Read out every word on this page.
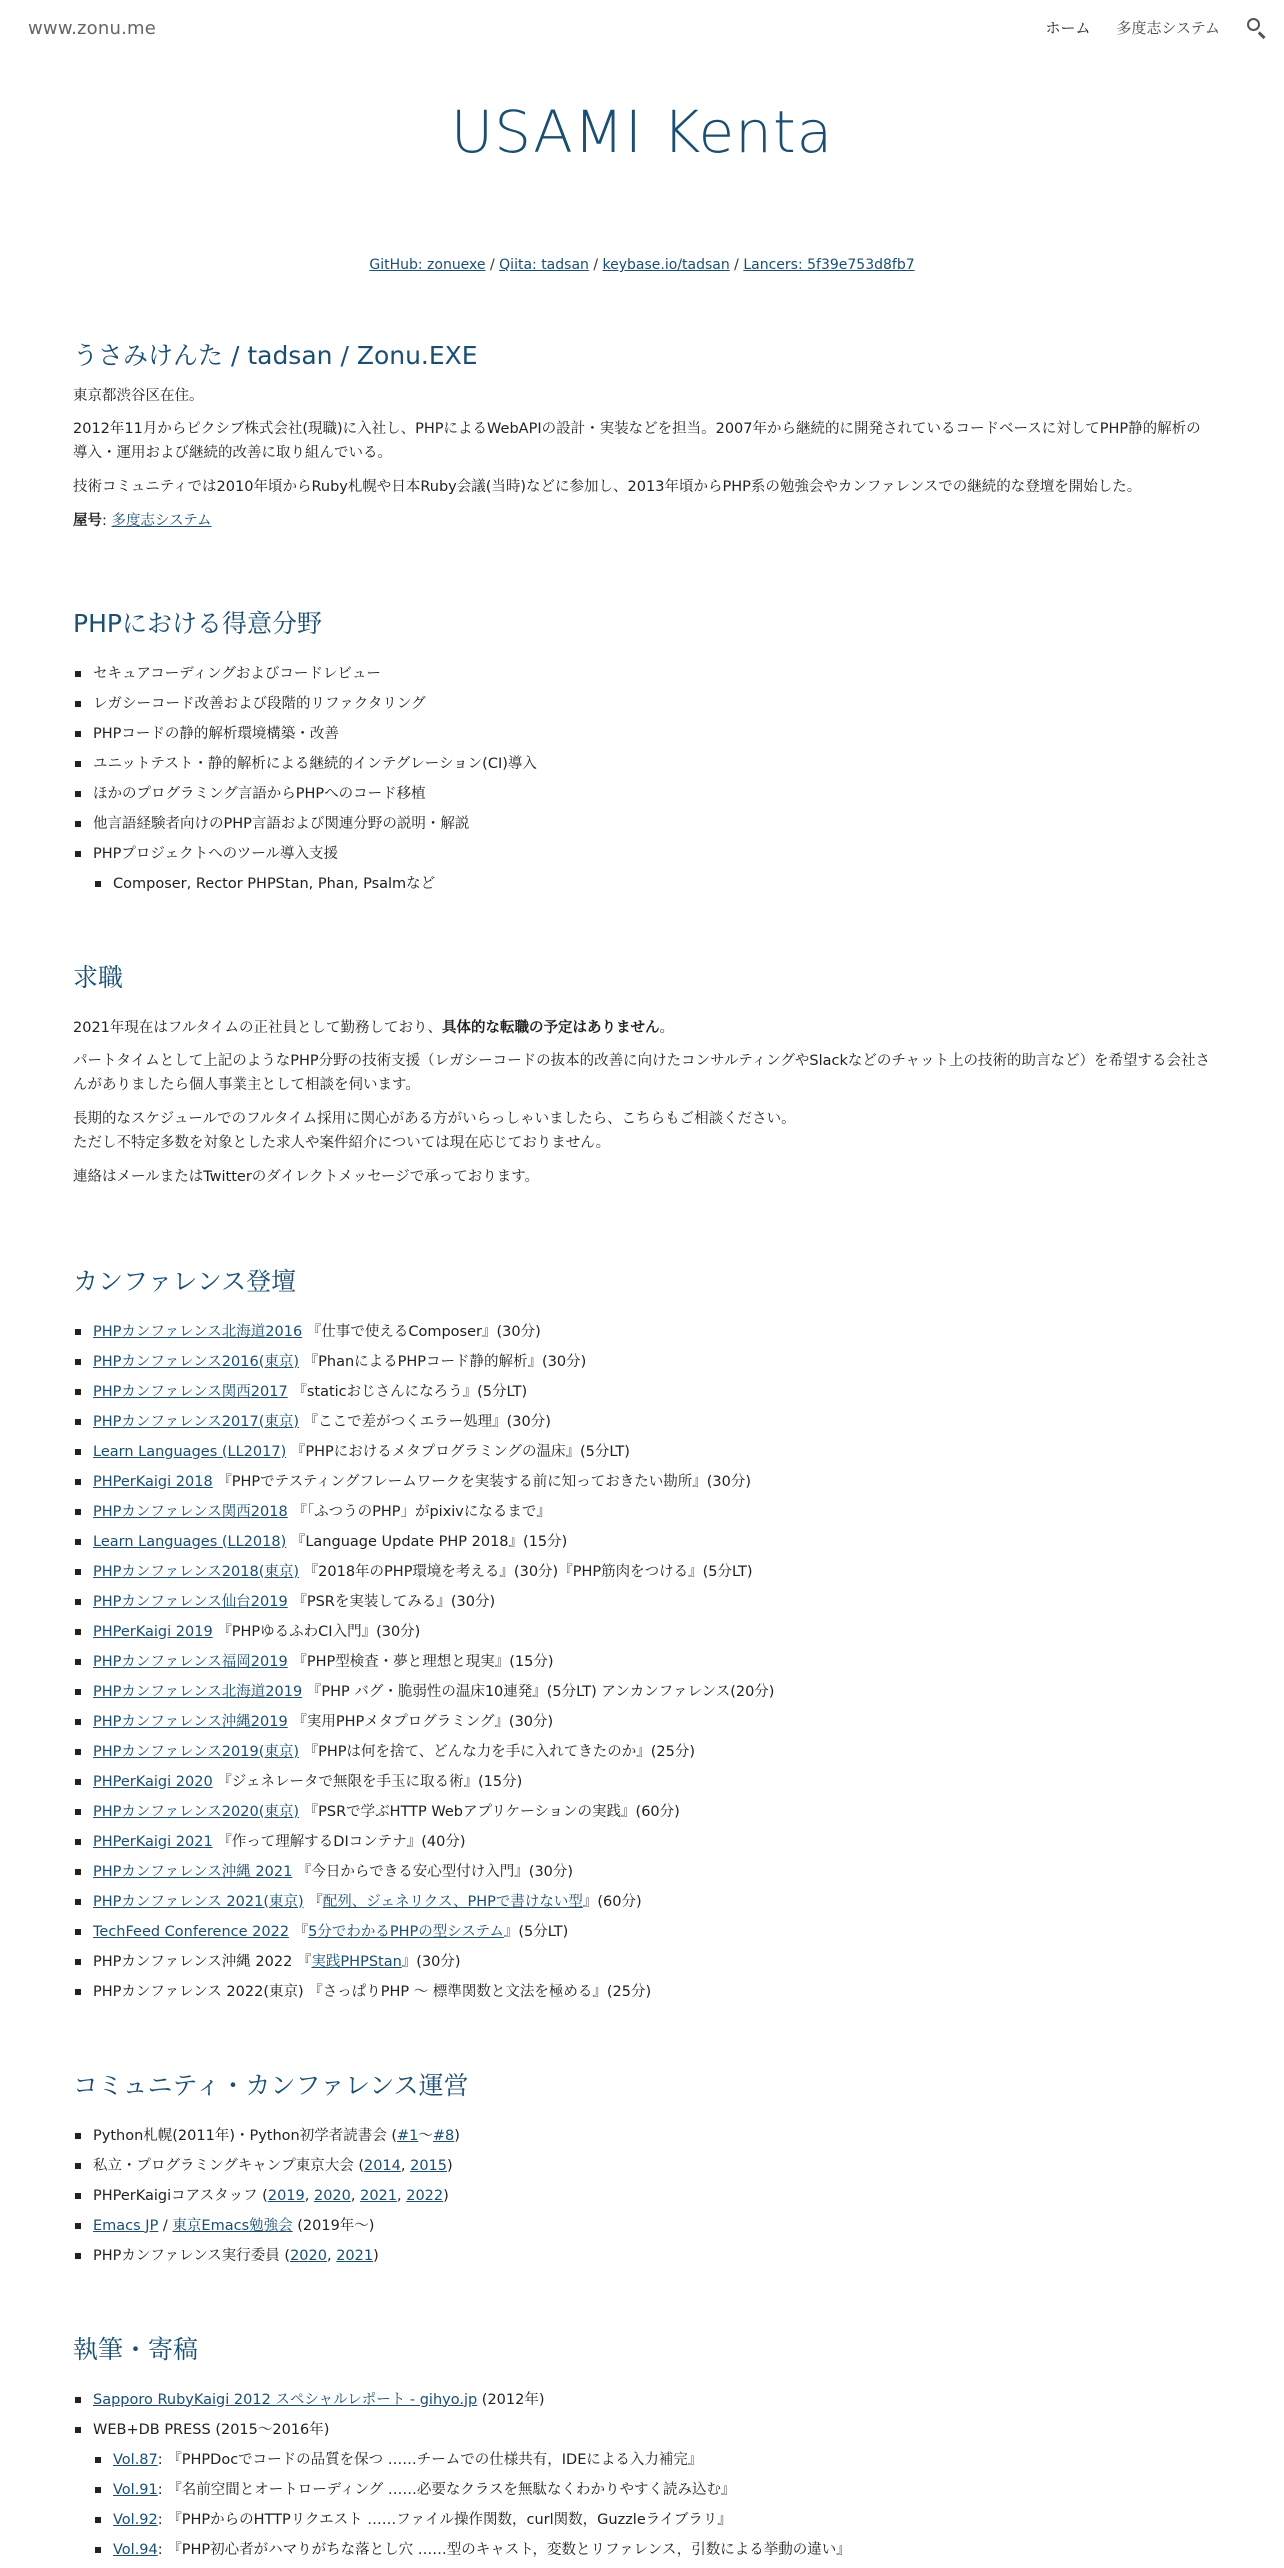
www.zonu.me	ホーム 多度志システム
USAMI Kenta
GitHub: zonuexe / Qiita: tadsan / keybase.io/tadsan / Lancers: 5f39e753d8fb7
うさみけんた / tadsan / Zonu.EXE

東京都渋谷区在住。

2012年11月からピクシブ株式会社(現職)に入社し、PHPによるWebAPIの設計・実装などを担当。2007年から継続的に開発されているコードベースに対してPHP静的解析の導入・運用および継続的改善に取り組んでいる。

技術コミュニティでは2010年頃からRuby札幌や日本Ruby会議(当時)などに参加し、2013年頃からPHP系の勉強会やカンファレンスでの継続的な登壇を開始した。

屋号: 多度志システム

PHPにおける得意分野
セキュアコーディングおよびコードレビュー
レガシーコード改善および段階的リファクタリング
PHPコードの静的解析環境構築・改善
ユニットテスト・静的解析による継続的インテグレーション(CI)導入
ほかのプログラミング言語からPHPへのコード移植
他言語経験者向けのPHP言語および関連分野の説明・解説
PHPプロジェクトへのツール導入支援
Composer, Rector PHPStan, Phan, Psalmなど
求職

2021年現在はフルタイムの正社員として勤務しており、具体的な転職の予定はありません。

パートタイムとして上記のようなPHP分野の技術支援（レガシーコードの抜本的改善に向けたコンサルティングやSlackなどのチャット上の技術的助言など）を希望する会社さんがありましたら個人事業主として相談を伺います。

長期的なスケジュールでのフルタイム採用に関心がある方がいらっしゃいましたら、こちらもご相談ください。
ただし不特定多数を対象とした求人や案件紹介については現在応じておりません。

連絡はメールまたはTwitterのダイレクトメッセージで承っております。

カンファレンス登壇
PHPカンファレンス北海道2016 『仕事で使えるComposer』(30分)
PHPカンファレンス2016(東京) 『PhanによるPHPコード静的解析』(30分)
PHPカンファレンス関西2017 『staticおじさんになろう』(5分LT)
PHPカンファレンス2017(東京) 『ここで差がつくエラー処理』(30分)
Learn Languages (LL2017) 『PHPにおけるメタプログラミングの温床』(5分LT)
PHPerKaigi 2018 『PHPでテスティングフレームワークを実装する前に知っておきたい勘所』(30分)
PHPカンファレンス関西2018 『「ふつうのPHP」がpixivになるまで』
Learn Languages (LL2018) 『Language Update PHP 2018』(15分)
PHPカンファレンス2018(東京) 『2018年のPHP環境を考える』(30分)『PHP筋肉をつける』(5分LT)
PHPカンファレンス仙台2019 『PSRを実装してみる』(30分)
PHPerKaigi 2019 『PHPゆるふわCI入門』(30分)
PHPカンファレンス福岡2019 『PHP型検査・夢と理想と現実』(15分)
PHPカンファレンス北海道2019 『PHP バグ・脆弱性の温床10連発』(5分LT) アンカンファレンス(20分)
PHPカンファレンス沖縄2019 『実用PHPメタプログラミング』(30分)
PHPカンファレンス2019(東京) 『PHPは何を捨て、どんな力を手に入れてきたのか』(25分)
PHPerKaigi 2020 『ジェネレータで無限を手玉に取る術』(15分)
PHPカンファレンス2020(東京) 『PSRで学ぶHTTP Webアプリケーションの実践』(60分)
PHPerKaigi 2021 『作って理解するDIコンテナ』(40分)
PHPカンファレンス沖縄 2021 『今日からできる安心型付け入門』(30分)
PHPカンファレンス 2021(東京) 『配列、ジェネリクス、PHPで書けない型』(60分)
TechFeed Conference 2022 『5分でわかるPHPの型システム』(5分LT)
PHPカンファレンス沖縄 2022 『実践PHPStan』(30分)
PHPカンファレンス 2022(東京) 『さっぱりPHP 〜 標準関数と文法を極める』(25分)
コミュニティ・カンファレンス運営
Python札幌(2011年)・Python初学者読書会 (#1〜#8)
私立・プログラミングキャンプ東京大会 (2014, 2015)
PHPerKaigiコアスタッフ (2019, 2020, 2021, 2022)
Emacs JP / 東京Emacs勉強会 (2019年〜)
PHPカンファレンス実行委員 (2020, 2021)
執筆・寄稿
Sapporo RubyKaigi 2012 スペシャルレポート - gihyo.jp (2012年)
WEB+DB PRESS (2015〜2016年)
Vol.87: 『PHPDocでコードの品質を保つ ……チームでの仕様共有，IDEによる入力補完』
Vol.91: 『名前空間とオートローディング ……必要なクラスを無駄なくわかりやすく読み込む』
Vol.92: 『PHPからのHTTPリクエスト ……ファイル操作関数，curl関数，Guzzleライブラリ』
Vol.94: 『PHP初心者がハマりがちな落とし穴 ……型のキャスト，変数とリファレンス，引数による挙動の違い』
